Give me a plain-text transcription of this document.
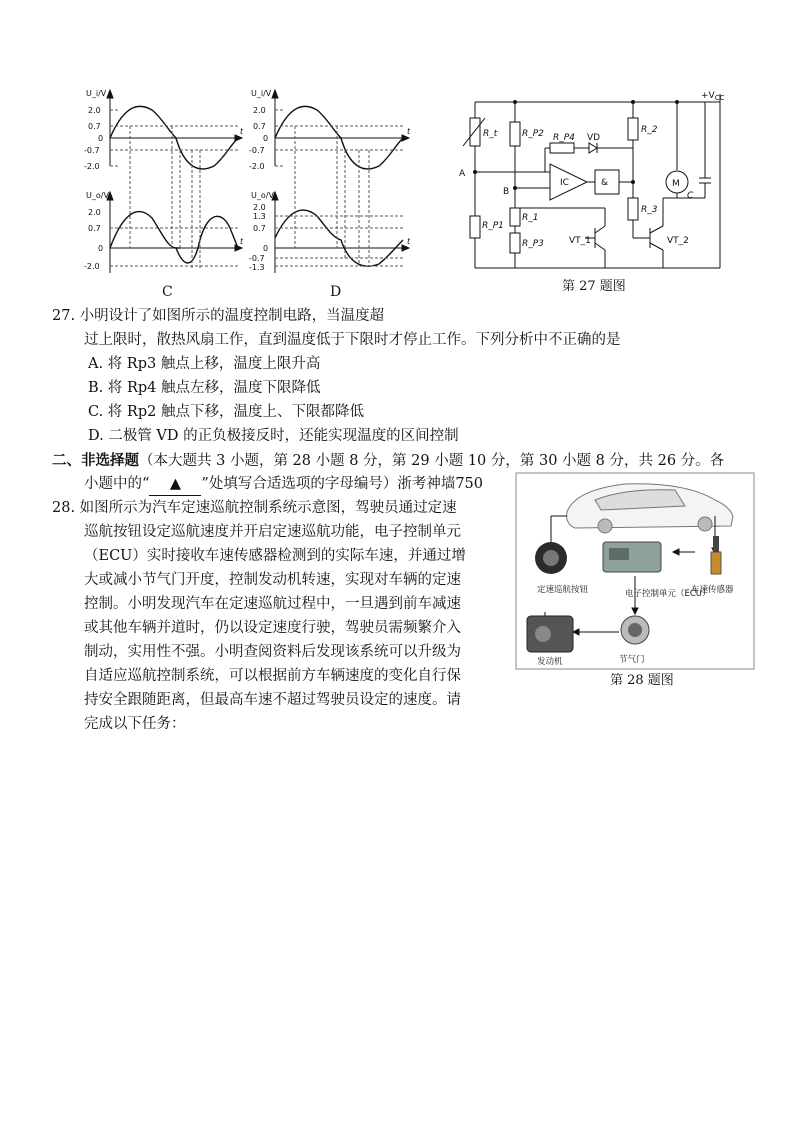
U_i/V
2.0
0.7
0
-0.7
-2.0
t
U_o/V
2.0
0.7
0
-2.0
t
C
U_i/V
2.0
0.7
0
-0.7
-2.0
t
U_o/V
2.0
1.3
0.7
0
-0.7
-1.3
t
D
$+V_{CC}$
R_t	R_P2 R_P4 VD
R_2
A
B
IC	&	M
C
R_1
R_3
R_P1
R_P3	VT_1	VT_2
第 27 题图
27. 小明设计了如图所示的温度控制电路，当温度超
过上限时，散热风扇工作，直到温度低于下限时才停止工作。下列分析中不正确的是
A. 将 Rp3 触点上移，温度上限升高
B. 将 Rp4 触点左移，温度下限降低
C. 将 Rp2 触点下移，温度上、下限都降低
D. 二极管 VD 的正负极接反时，还能实现温度的区间控制
二、非选择题（本大题共 3 小题，第 28 小题 8 分，第 29 小题 10 分，第 30 小题 8 分，共 26 分。各
小题中的“ ▲ ”处填写合适选项的字母编号）浙考神墙750
28. 如图所示为汽车定速巡航控制系统示意图，驾驶员通过定速
巡航按钮设定巡航速度并开启定速巡航功能，电子控制单元
（ECU）实时接收车速传感器检测到的实际车速，并通过增
大或减小节气门开度，控制发动机转速，实现对车辆的定速
控制。小明发现汽车在定速巡航过程中，一旦遇到前车减速
或其他车辆并道时，仍以设定速度行驶，驾驶员需频繁介入
制动，实用性不强。小明查阅资料后发现该系统可以升级为
自适应巡航控制系统，可以根据前方车辆速度的变化自行保
持安全跟随距离，但最高车速不超过驾驶员设定的速度。请
完成以下任务：
定速巡航按钮	电子控制单元（ECU）
车速传感器
发动机	节气门
第 28 题图
